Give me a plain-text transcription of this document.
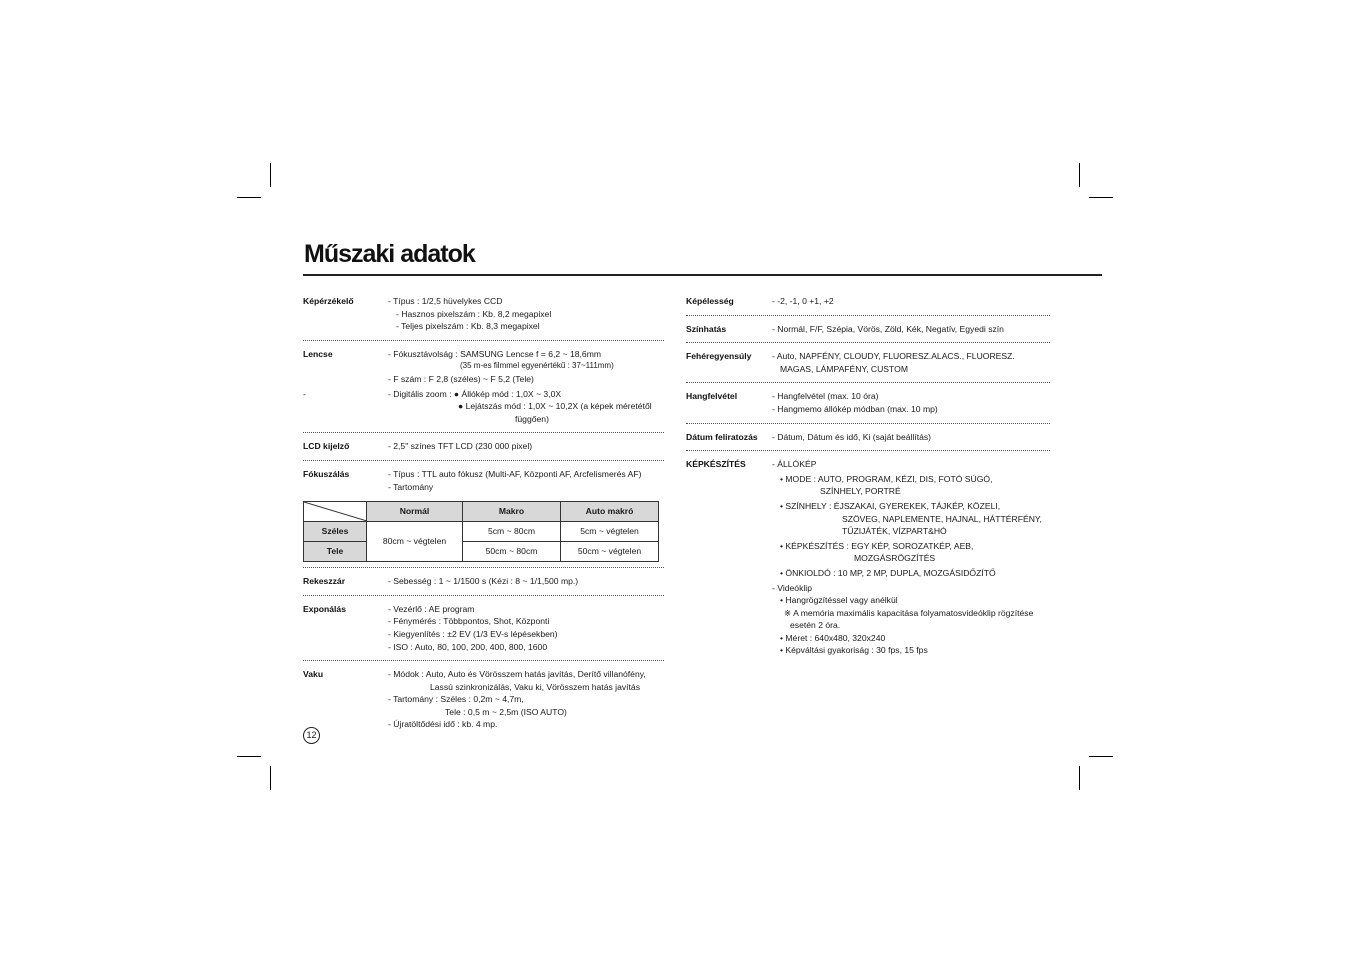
Műszaki adatok
Képérzékelő	- Típus : 1/2,5 hüvelykes CCD
- Hasznos pixelszám : Kb. 8,2 megapixel
- Teljes pixelszám : Kb. 8,3 megapixel
Lencse	- Fókusztávolság : SAMSUNG Lencse f = 6,2 ~ 18,6mm
(35 m-es filmmel egyenértékű : 37~111mm)
- F szám : F 2,8 (széles) ~ F 5,2 (Tele)
-	- Digitális zoom : ● Állókép mód : 1,0X ~ 3,0X
● Lejátszás mód : 1,0X ~ 10,2X (a képek méretétől
függően)
LCD kijelző	- 2,5" színes TFT LCD (230 000 pixel)
Fókuszálás	- Típus : TTL auto fókusz (Multi-AF, Központi AF, Arcfelismerés AF)
- Tartomány
	Normál	Makro	Auto makró
Széles	80cm ~ végtelen	5cm ~ 80cm	5cm ~ végtelen
Tele		50cm ~ 80cm	50cm ~ végtelen
Rekeszzár	- Sebesség : 1 ~ 1/1500 s (Kézi : 8 ~ 1/1,500 mp.)
Exponálás	- Vezérlő : AE program
- Fénymérés : Többpontos, Shot, Központi
- Kiegyenlítés : ±2 EV (1/3 EV-s lépésekben)
- ISO : Auto, 80, 100, 200, 400, 800, 1600
Vaku	- Módok : Auto, Auto és Vörösszem hatás javítás, Derítő villanófény,
Lassú szinkronizálás, Vaku ki, Vörösszem hatás javítás
- Tartomány : Széles : 0,2m ~ 4,7m,
Tele : 0,5 m ~ 2,5m (ISO AUTO)
- Újratöltődési idő : kb. 4 mp.
12
Képélesség	- -2, -1, 0 +1, +2
Színhatás	- Normál, F/F, Szépia, Vörös, Zöld, Kék, Negatív, Egyedi szín
Fehéregyensúly	- Auto, NAPFÉNY, CLOUDY, FLUORESZ.ALACS., FLUORESZ.
MAGAS, LÁMPAFÉNY, CUSTOM
Hangfelvétel	- Hangfelvétel (max. 10 óra)
- Hangmemo állókép módban (max. 10 mp)
Dátum feliratozás	- Dátum, Dátum és idő, Ki (saját beállítás)
KÉPKÉSZÍTÉS	- ÁLLÓKÉP
• MODE : AUTO, PROGRAM, KÉZI, DIS, FOTÓ SÚGÓ,
SZÍNHELY, PORTRÉ
• SZÍNHELY : ÉJSZAKAI, GYEREKEK, TÁJKÉP, KÖZELI,
SZÖVEG, NAPLEMENTE, HAJNAL, HÁTTÉRFÉNY,
TŰZIJÁTÉK, VÍZPART&HÓ
• KÉPKÉSZÍTÉS : EGY KÉP, SOROZATKÉP, AEB,
MOZGÁSRÖGZÍTÉS
• ÖNKIOLDÓ : 10 MP, 2 MP, DUPLA, MOZGÁSIDŐZÍTŐ
- Videóklip
• Hangrögzítéssel vagy anélkül
※ A memória maximális kapacitása folyamatosvideóklip rögzítése
esetén 2 óra.
• Méret : 640x480, 320x240
• Képváltási gyakoriság : 30 fps, 15 fps
